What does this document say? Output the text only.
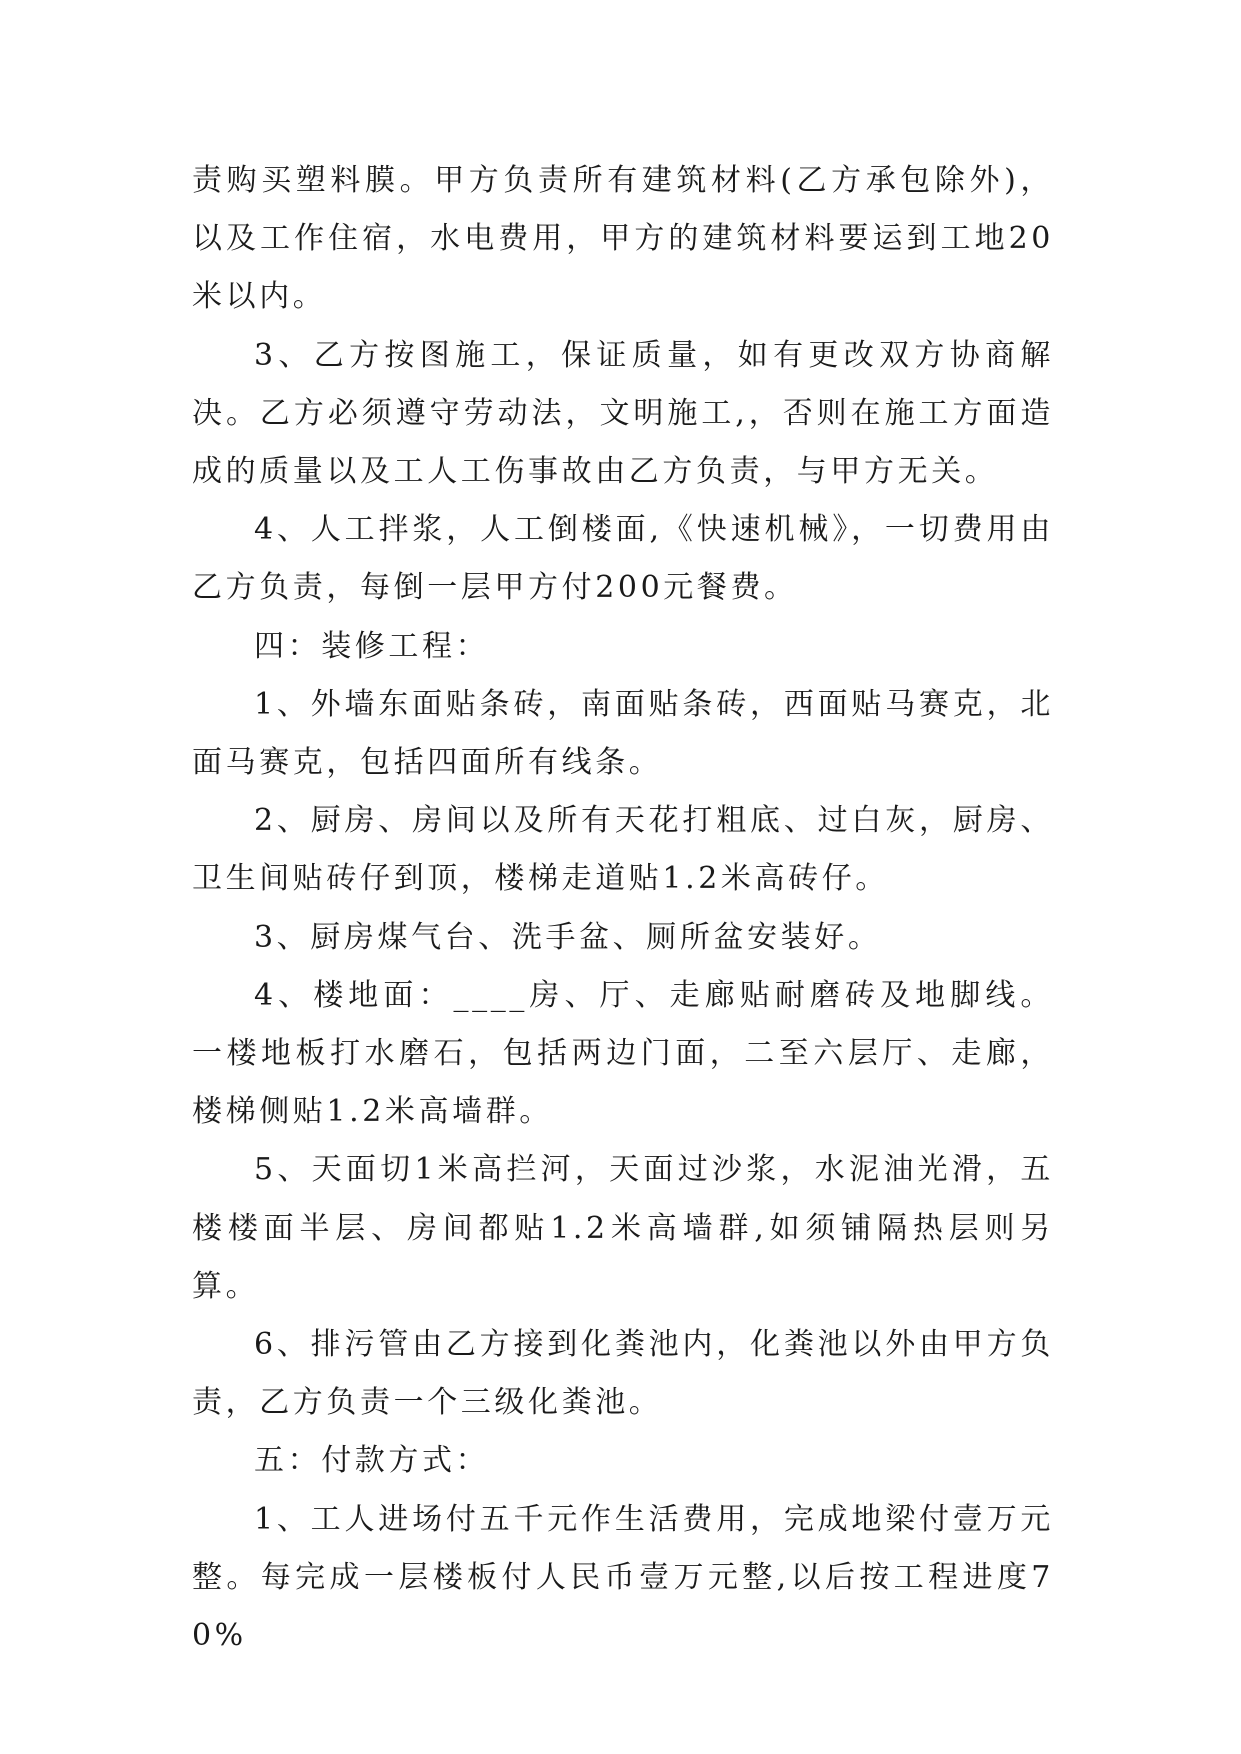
责购买塑料膜。甲方负责所有建筑材料(乙方承包除外)，以及工作住宿，水电费用，甲方的建筑材料要运到工地20米以内。

3、乙方按图施工，保证质量，如有更改双方协商解决。乙方必须遵守劳动法，文明施工,，否则在施工方面造成的质量以及工人工伤事故由乙方负责，与甲方无关。

4、人工拌浆，人工倒楼面,《快速机械》，一切费用由乙方负责，每倒一层甲方付200元餐费。

四：装修工程：

1、外墙东面贴条砖，南面贴条砖，西面贴马赛克，北面马赛克，包括四面所有线条。

2、厨房、房间以及所有天花打粗底、过白灰，厨房、卫生间贴砖仔到顶，楼梯走道贴1.2米高砖仔。

3、厨房煤气台、洗手盆、厕所盆安装好。

4、楼地面：____房、厅、走廊贴耐磨砖及地脚线。一楼地板打水磨石，包括两边门面，二至六层厅、走廊，楼梯侧贴1.2米高墙群。

5、天面切1米高拦河，天面过沙浆，水泥油光滑，五楼楼面半层、房间都贴1.2米高墙群,如须铺隔热层则另算。

6、排污管由乙方接到化粪池内，化粪池以外由甲方负责，乙方负责一个三级化粪池。

五：付款方式：

1、工人进场付五千元作生活费用，完成地梁付壹万元整。每完成一层楼板付人民币壹万元整,以后按工程进度70%
